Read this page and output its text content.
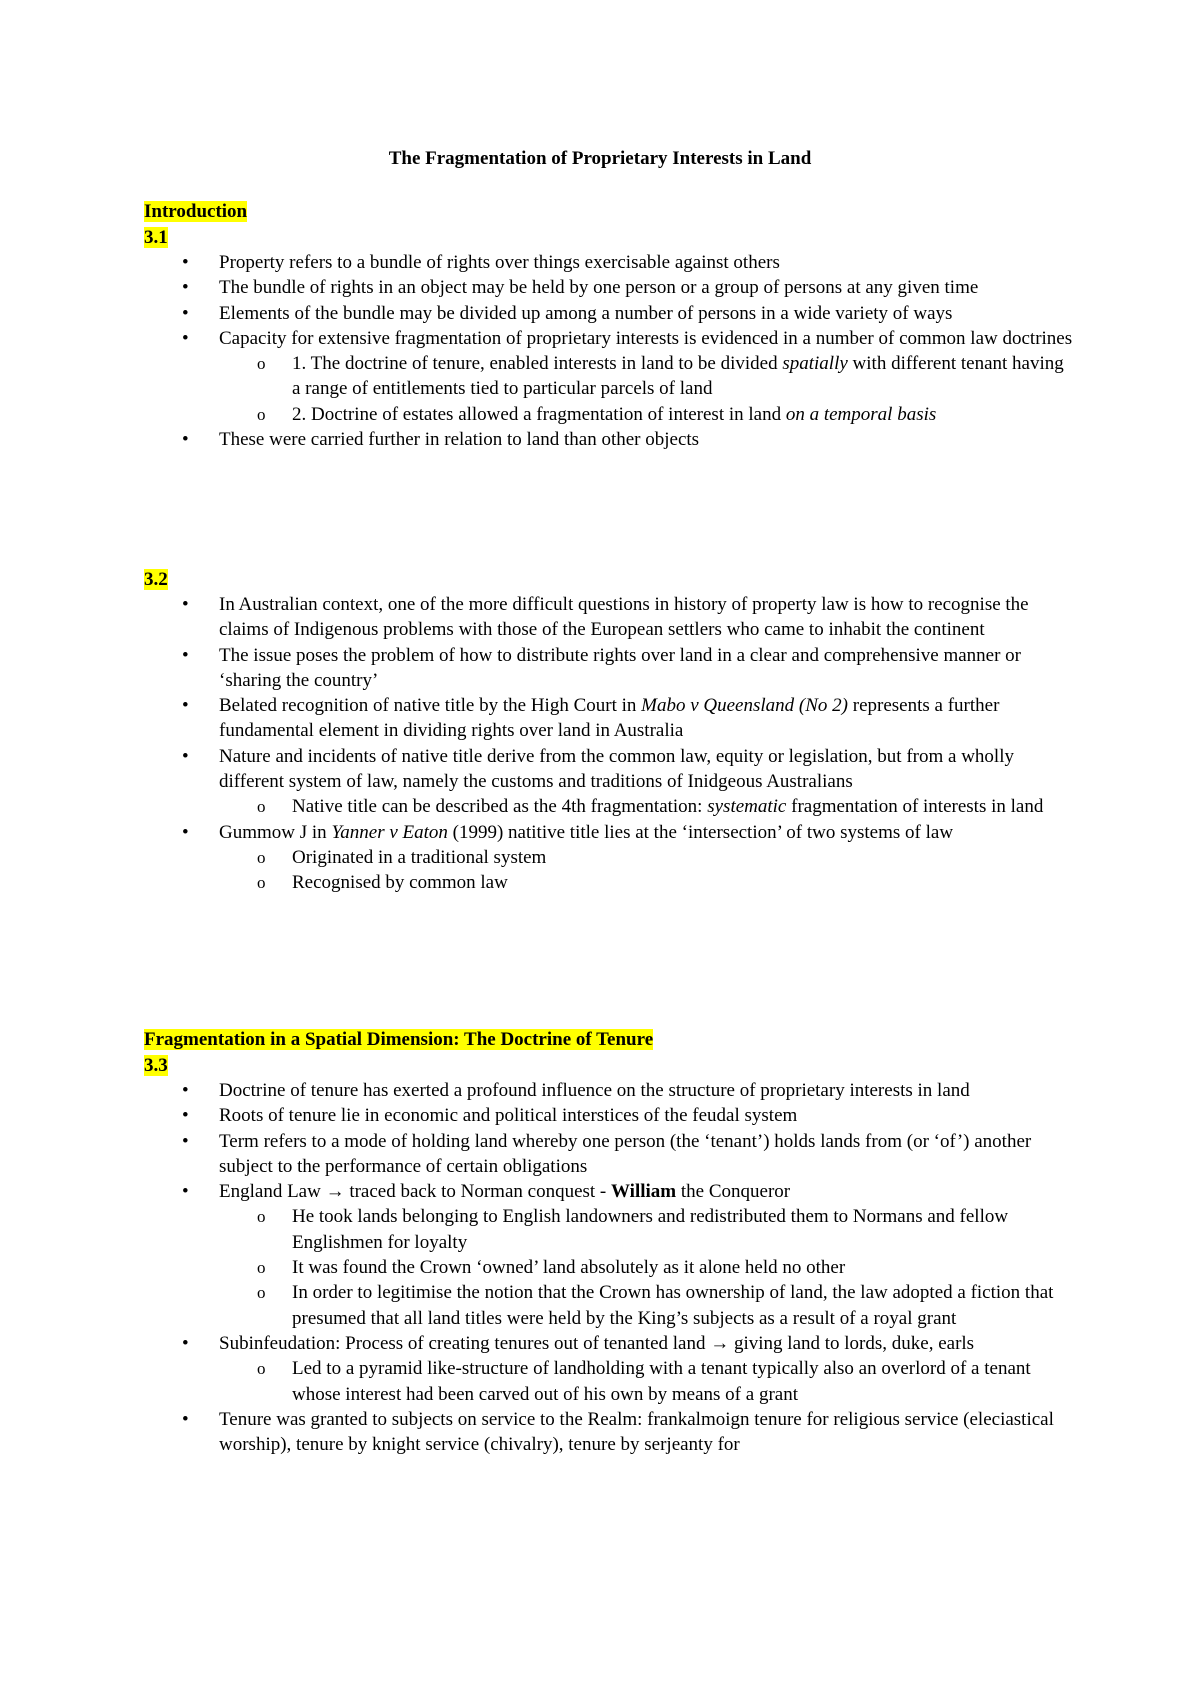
The Fragmentation of Proprietary Interests in Land
Introduction
3.1
• Property refers to a bundle of rights over things exercisable against others
• The bundle of rights in an object may be held by one person or a group of persons at any given time
• Elements of the bundle may be divided up among a number of persons in a wide variety of ways
• Capacity for extensive fragmentation of proprietary interests is evidenced in a number of common law doctrines
o 1. The doctrine of tenure, enabled interests in land to be divided spatially with different tenant having a range of entitlements tied to particular parcels of land
o 2. Doctrine of estates allowed a fragmentation of interest in land on a temporal basis
• These were carried further in relation to land than other objects
3.2
• In Australian context, one of the more difficult questions in history of property law is how to recognise the claims of Indigenous problems with those of the European settlers who came to inhabit the continent
• The issue poses the problem of how to distribute rights over land in a clear and comprehensive manner or ‘sharing the country’
• Belated recognition of native title by the High Court in Mabo v Queensland (No 2) represents a further fundamental element in dividing rights over land in Australia
• Nature and incidents of native title derive from the common law, equity or legislation, but from a wholly different system of law, namely the customs and traditions of Inidgeous Australians
o Native title can be described as the 4th fragmentation: systematic fragmentation of interests in land
• Gummow J in Yanner v Eaton (1999) natitive title lies at the ‘intersection’ of two systems of law
o Originated in a traditional system
o Recognised by common law
Fragmentation in a Spatial Dimension: The Doctrine of Tenure
3.3
• Doctrine of tenure has exerted a profound influence on the structure of proprietary interests in land
• Roots of tenure lie in economic and political interstices of the feudal system
• Term refers to a mode of holding land whereby one person (the ‘tenant’) holds lands from (or ‘of’) another subject to the performance of certain obligations
• England Law → traced back to Norman conquest - William the Conqueror
o He took lands belonging to English landowners and redistributed them to Normans and fellow Englishmen for loyalty
o It was found the Crown ‘owned’ land absolutely as it alone held no other
o In order to legitimise the notion that the Crown has ownership of land, the law adopted a fiction that presumed that all land titles were held by the King’s subjects as a result of a royal grant
• Subinfeudation: Process of creating tenures out of tenanted land → giving land to lords, duke, earls
o Led to a pyramid like-structure of landholding with a tenant typically also an overlord of a tenant whose interest had been carved out of his own by means of a grant
• Tenure was granted to subjects on service to the Realm: frankalmoign tenure for religious service (eleciastical worship), tenure by knight service (chivalry), tenure by serjeanty for
